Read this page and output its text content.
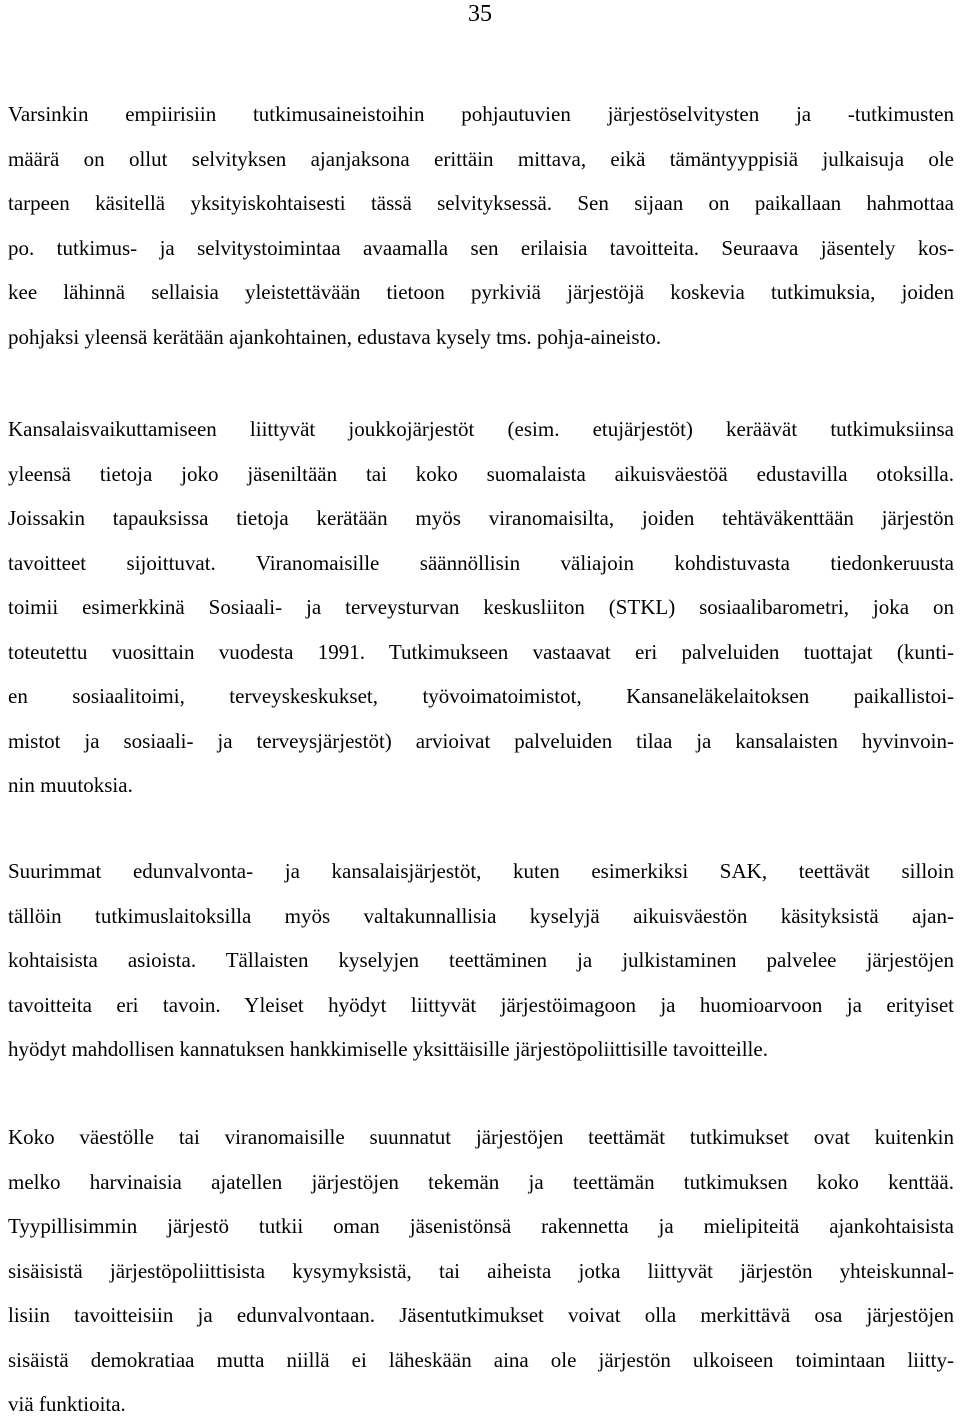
35
Varsinkin empiirisiin tutkimusaineistoihin pohjautuvien järjestöselvitysten ja -tutkimusten
määrä on ollut selvityksen ajanjaksona erittäin mittava, eikä tämäntyyppisiä julkaisuja ole
tarpeen käsitellä yksityiskohtaisesti tässä selvityksessä. Sen sijaan on paikallaan hahmottaa
po. tutkimus- ja selvitystoimintaa avaamalla sen erilaisia tavoitteita. Seuraava jäsentely kos-
kee lähinnä sellaisia yleistettävään tietoon pyrkiviä järjestöjä koskevia tutkimuksia, joiden
pohjaksi yleensä kerätään ajankohtainen, edustava kysely tms. pohja-aineisto.
Kansalaisvaikuttamiseen liittyvät joukkojärjestöt (esim. etujärjestöt) keräävät tutkimuksiinsa
yleensä tietoja joko jäseniltään tai koko suomalaista aikuisväestöä edustavilla otoksilla.
Joissakin tapauksissa tietoja kerätään myös viranomaisilta, joiden tehtäväkenttään järjestön
tavoitteet sijoittuvat. Viranomaisille säännöllisin väliajoin kohdistuvasta tiedonkeruusta
toimii esimerkkinä Sosiaali- ja terveysturvan keskusliiton (STKL) sosiaalibarometri, joka on
toteutettu vuosittain vuodesta 1991. Tutkimukseen vastaavat eri palveluiden tuottajat (kunti-
en sosiaalitoimi, terveyskeskukset, työvoimatoimistot, Kansaneläkelaitoksen paikallistoi-
mistot ja sosiaali- ja terveysjärjestöt) arvioivat palveluiden tilaa ja kansalaisten hyvinvoin-
nin muutoksia.
Suurimmat edunvalvonta- ja kansalaisjärjestöt, kuten esimerkiksi SAK, teettävät silloin
tällöin tutkimuslaitoksilla myös valtakunnallisia kyselyjä aikuisväestön käsityksistä ajan-
kohtaisista asioista. Tällaisten kyselyjen teettäminen ja julkistaminen palvelee järjestöjen
tavoitteita eri tavoin. Yleiset hyödyt liittyvät järjestöimagoon ja huomioarvoon ja erityiset
hyödyt mahdollisen kannatuksen hankkimiselle yksittäisille järjestöpoliittisille tavoitteille.
Koko väestölle tai viranomaisille suunnatut järjestöjen teettämät tutkimukset ovat kuitenkin
melko harvinaisia ajatellen järjestöjen tekemän ja teettämän tutkimuksen koko kenttää.
Tyypillisimmin järjestö tutkii oman jäsenistönsä rakennetta ja mielipiteitä ajankohtaisista
sisäisistä järjestöpoliittisista kysymyksistä, tai aiheista jotka liittyvät järjestön yhteiskunnal-
lisiin tavoitteisiin ja edunvalvontaan. Jäsentutkimukset voivat olla merkittävä osa järjestöjen
sisäistä demokratiaa mutta niillä ei läheskään aina ole järjestön ulkoiseen toimintaan liitty-
viä funktioita.
